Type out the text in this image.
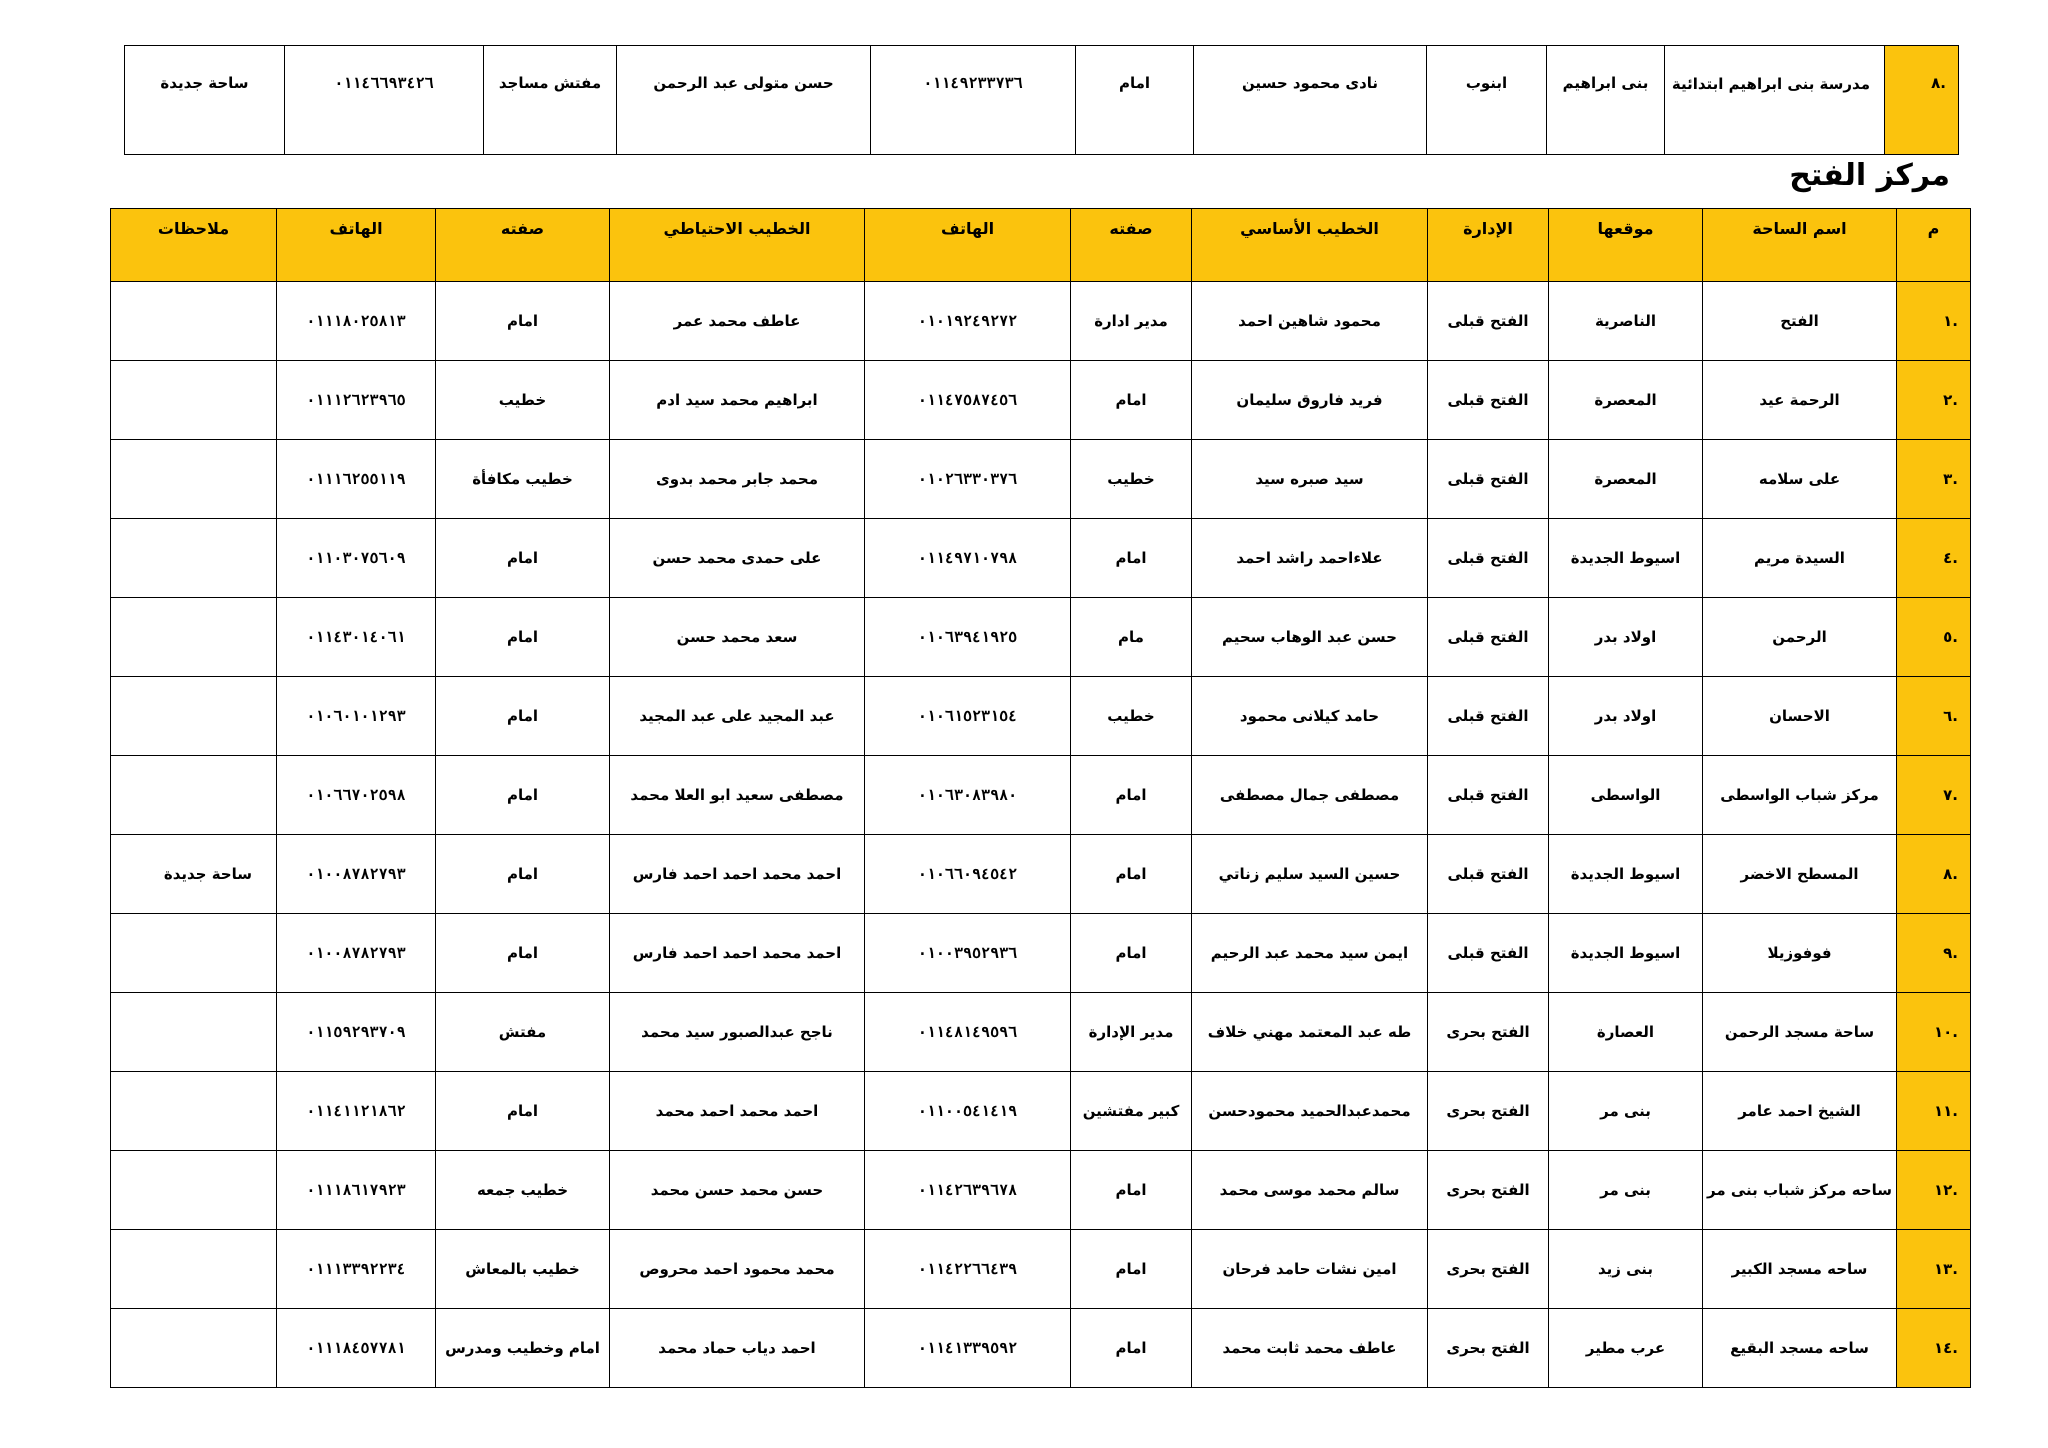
.٨	مدرسة بنى ابراهيم ابتدائية	بنى ابراهيم	ابنوب	نادى محمود حسين	امام	٠١١٤٩٢٣٣٧٣٦	حسن متولى عبد الرحمن	مفتش مساجد	٠١١٤٦٦٩٣٤٢٦	ساحة جديدة
مركز الفتح
م	اسم الساحة	موقعها	الإدارة	الخطيب الأساسي	صفته	الهاتف	الخطيب الاحتياطي	صفته	الهاتف	ملاحظات
.١	الفتح	الناصرية	الفتح قبلى	محمود شاهين احمد	مدير ادارة	٠١٠١٩٢٤٩٢٧٢	عاطف محمد عمر	امام	٠١١١٨٠٢٥٨١٣	
.٢	الرحمة عيد	المعصرة	الفتح قبلى	فريد فاروق سليمان	امام	٠١١٤٧٥٨٧٤٥٦	ابراهيم محمد سيد ادم	خطيب	٠١١١٢٦٢٣٩٦٥	
.٣	على سلامه	المعصرة	الفتح قبلى	سيد صبره سيد	خطيب	٠١٠٢٦٣٣٠٣٧٦	محمد جابر محمد بدوى	خطيب مكافأة	٠١١١٦٢٥٥١١٩	
.٤	السيدة مريم	اسيوط الجديدة	الفتح قبلى	علاءاحمد راشد احمد	امام	٠١١٤٩٧١٠٧٩٨	على حمدى محمد حسن	امام	٠١١٠٣٠٧٥٦٠٩	
.٥	الرحمن	اولاد بدر	الفتح قبلى	حسن عبد الوهاب سحيم	مام	٠١٠٦٣٩٤١٩٢٥	سعد محمد حسن	امام	٠١١٤٣٠١٤٠٦١	
.٦	الاحسان	اولاد بدر	الفتح قبلى	حامد كيلانى محمود	خطيب	٠١٠٦١٥٢٣١٥٤	عبد المجيد على عبد المجيد	امام	٠١٠٦٠١٠١٢٩٣	
.٧	مركز شباب الواسطى	الواسطى	الفتح قبلى	مصطفى جمال مصطفى	امام	٠١٠٦٣٠٨٣٩٨٠	مصطفى سعيد ابو العلا محمد	امام	٠١٠٦٦٧٠٢٥٩٨	
.٨	المسطح الاخضر	اسيوط الجديدة	الفتح قبلى	حسين السيد سليم زناتي	امام	٠١٠٦٦٠٩٤٥٤٢	احمد محمد احمد احمد فارس	امام	٠١٠٠٨٧٨٢٧٩٣	ساحة جديدة
.٩	فوفوزيلا	اسيوط الجديدة	الفتح قبلى	ايمن سيد محمد عبد الرحيم	امام	٠١٠٠٣٩٥٢٩٣٦	احمد محمد احمد احمد فارس	امام	٠١٠٠٨٧٨٢٧٩٣	
.١٠	ساحة مسجد الرحمن	العصارة	الفتح بحرى	طه عبد المعتمد مهني خلاف	مدير الإدارة	٠١١٤٨١٤٩٥٩٦	ناجح عبدالصبور سيد محمد	مفتش	٠١١٥٩٢٩٣٧٠٩	
.١١	الشيخ احمد عامر	بنى مر	الفتح بحرى	محمدعبدالحميد محمودحسن	كبير مفتشين	٠١١٠٠٥٤١٤١٩	احمد محمد احمد محمد	امام	٠١١٤١١٢١٨٦٢	
.١٢	ساحه مركز شباب بنى مر	بنى مر	الفتح بحرى	سالم محمد موسى محمد	امام	٠١١٤٢٦٣٩٦٧٨	حسن محمد حسن محمد	خطيب جمعه	٠١١١٨٦١٧٩٢٣	
.١٣	ساحه مسجد الكبير	بنى زيد	الفتح بحرى	امين نشات حامد فرحان	امام	٠١١٤٢٢٦٦٤٣٩	محمد محمود احمد محروص	خطيب بالمعاش	٠١١١٣٣٩٢٢٣٤	
.١٤	ساحه مسجد البقيع	عرب مطير	الفتح بحرى	عاطف محمد ثابت محمد	امام	٠١١٤١٣٣٩٥٩٢	احمد دياب حماد محمد	امام وخطيب ومدرس	٠١١١٨٤٥٧٧٨١	
